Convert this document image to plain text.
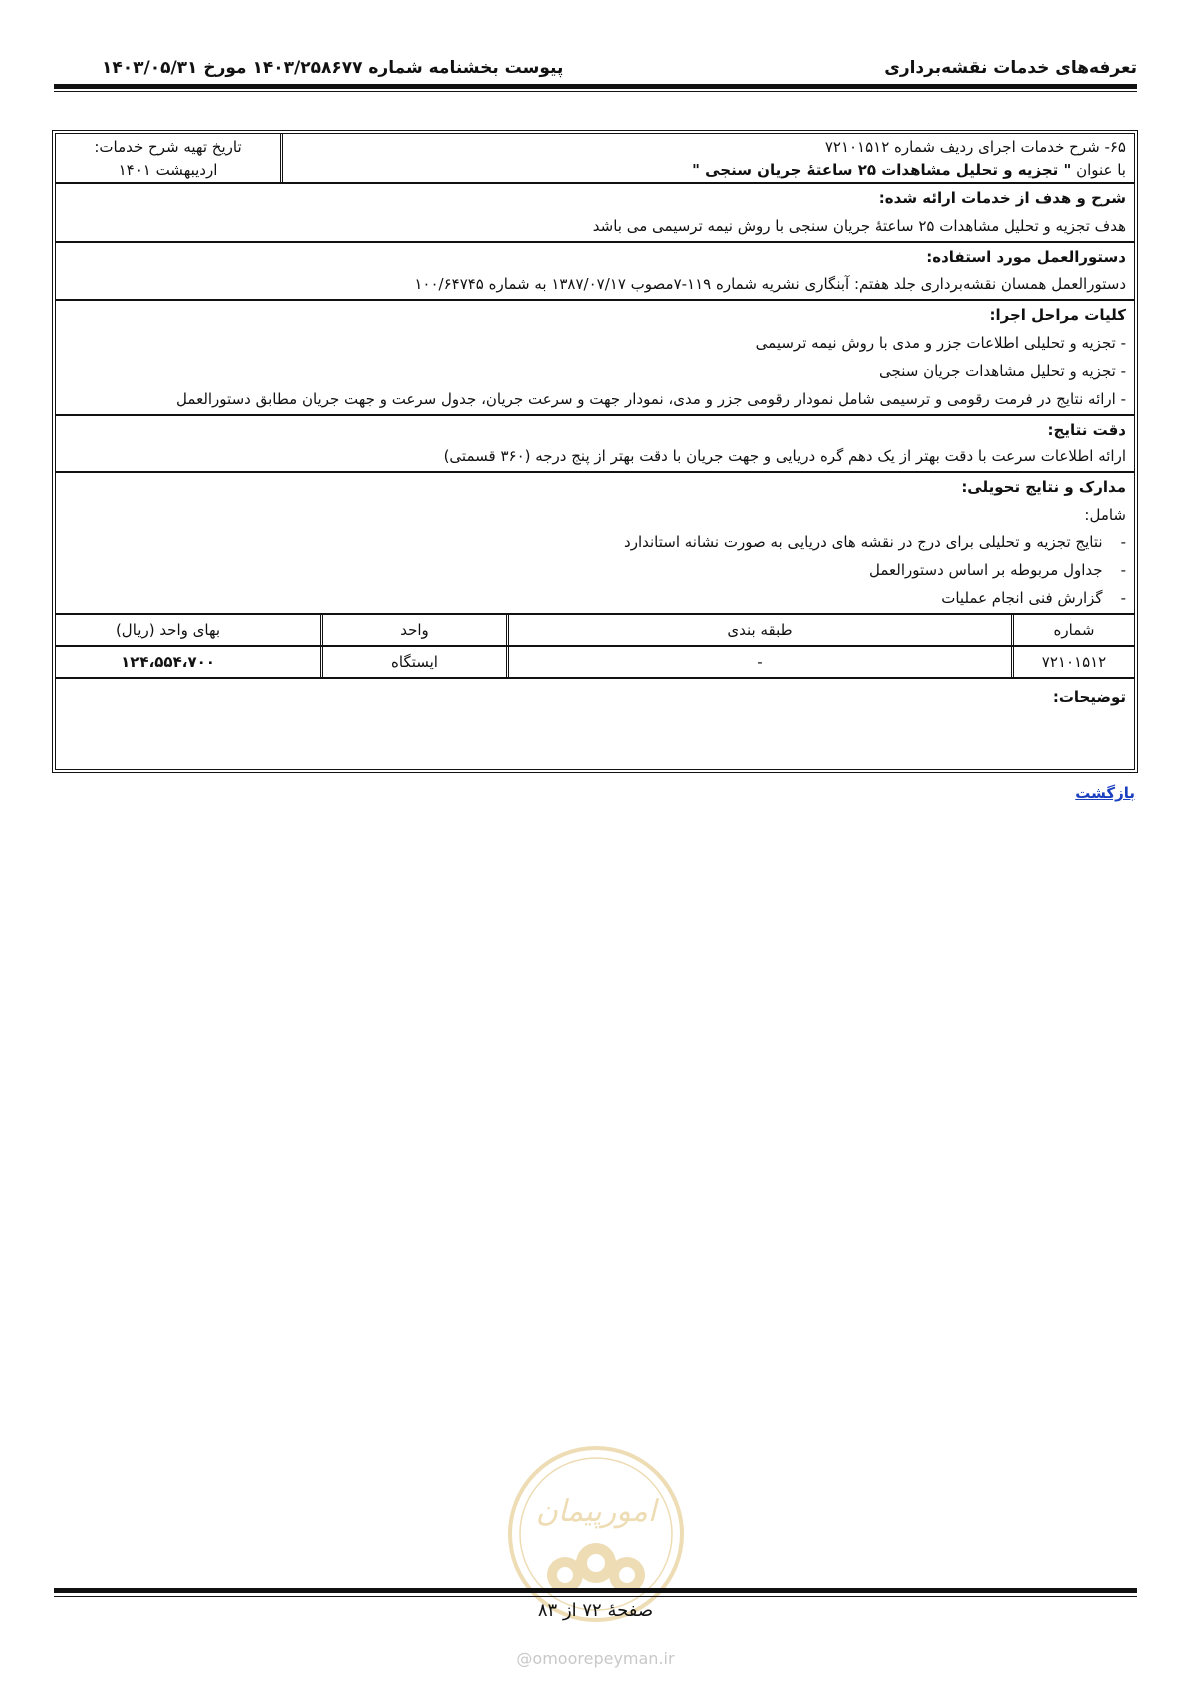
تعرفه‌های خدمات نقشه‌برداری
پیوست بخشنامه شماره ۱۴۰۳/۲۵۸۶۷۷ مورخ ۱۴۰۳/۰۵/۳۱
۶۵- شرح خدمات اجرای ردیف شماره ۷۲۱۰۱۵۱۲
با عنوان " تجزیه و تحلیل مشاهدات ۲۵ ساعتهٔ جریان سنجی "
تاریخ تهیه شرح خدمات:
اردیبهشت ۱۴۰۱
شرح و هدف از خدمات ارائه شده:
هدف تجزیه و تحلیل مشاهدات ۲۵ ساعتهٔ جریان سنجی با روش نیمه ترسیمی می باشد
دستورالعمل مورد استفاده:
دستورالعمل همسان نقشه‌برداری جلد هفتم: آبنگاری نشریه شماره ۱۱۹-۷مصوب ۱۳۸۷/۰۷/۱۷ به شماره ۱۰۰/۶۴۷۴۵
کلیات مراحل اجرا:
- تجزیه و تحلیلی اطلاعات جزر و مدی با روش نیمه ترسیمی
- تجزیه و تحلیل مشاهدات جریان سنجی
- ارائه نتایج در فرمت رقومی و ترسیمی شامل نمودار رقومی جزر و مدی، نمودار جهت و سرعت جریان، جدول سرعت و جهت جریان مطابق دستورالعمل
دقت نتایج:
ارائه اطلاعات سرعت با دقت بهتر از یک دهم گره دریایی و جهت جریان با دقت بهتر از پنج درجه (۳۶۰ قسمتی)
مدارک و نتایج تحویلی:
شامل:
-نتایج تجزیه و تحلیلی برای درج در نقشه های دریایی به صورت نشانه استاندارد
-جداول مربوطه بر اساس دستورالعمل
-گزارش فنی انجام عملیات
شماره
طبقه بندی
واحد
بهای واحد (ریال)
۷۲۱۰۱۵۱۲
-
ایستگاه
۱۲۴،۵۵۴،۷۰۰
توضیحات:
بازگشت
امورپیمان
صفحهٔ ۷۲ از ۸۳
@omoorepeyman.ir
